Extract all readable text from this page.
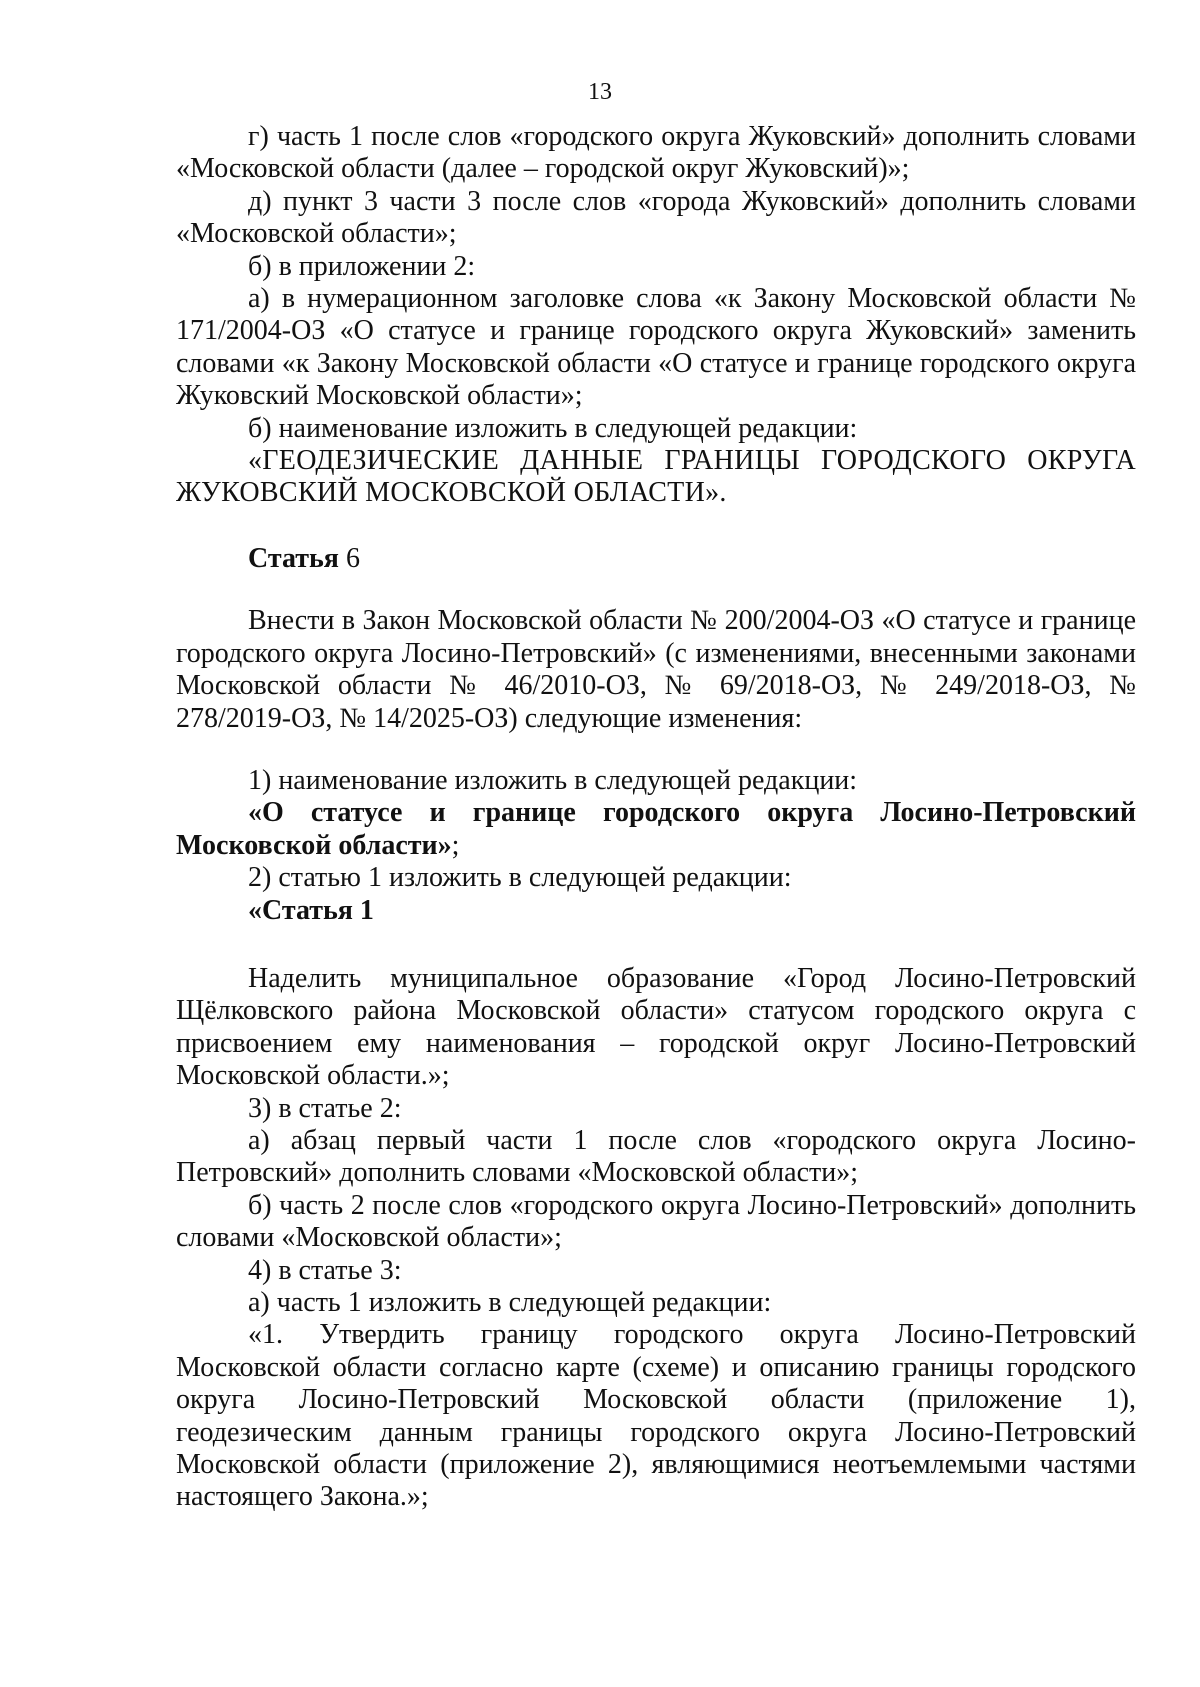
13

г) часть 1 после слов «городского округа Жуковский» дополнить словами «Московской области (далее – городской округ Жуковский)»;

д) пункт 3 части 3 после слов «города Жуковский» дополнить словами «Московской области»;

б) в приложении 2:

а) в нумерационном заголовке слова «к Закону Московской области № 171/2004-ОЗ «О статусе и границе городского округа Жуковский» заменить словами «к Закону Московской области «О статусе и границе городского округа Жуковский Московской области»;

б) наименование изложить в следующей редакции:

«ГЕОДЕЗИЧЕСКИЕ ДАННЫЕ ГРАНИЦЫ ГОРОДСКОГО ОКРУГА ЖУКОВСКИЙ МОСКОВСКОЙ ОБЛАСТИ».

Статья 6

Внести в Закон Московской области № 200/2004-ОЗ «О статусе и границе городского округа Лосино-Петровский» (с изменениями, внесенными законами Московской области № 46/2010-ОЗ, № 69/2018-ОЗ, № 249/2018-ОЗ, № 278/2019-ОЗ, № 14/2025-ОЗ) следующие изменения:

1) наименование изложить в следующей редакции:

«О статусе и границе городского округа Лосино-Петровский Московской области»;

2) статью 1 изложить в следующей редакции:

«Статья 1

Наделить муниципальное образование «Город Лосино-Петровский Щёлковского района Московской области» статусом городского округа с присвоением ему наименования – городской округ Лосино-Петровский Московской области.»;

3) в статье 2:

а) абзац первый части 1 после слов «городского округа Лосино-Петровский» дополнить словами «Московской области»;

б) часть 2 после слов «городского округа Лосино-Петровский» дополнить словами «Московской области»;

4) в статье 3:

а) часть 1 изложить в следующей редакции:

«1. Утвердить границу городского округа Лосино-Петровский Московской области согласно карте (схеме) и описанию границы городского округа Лосино-Петровский Московской области (приложение 1), геодезическим данным границы городского округа Лосино-Петровский Московской области (приложение 2), являющимися неотъемлемыми частями настоящего Закона.»;
